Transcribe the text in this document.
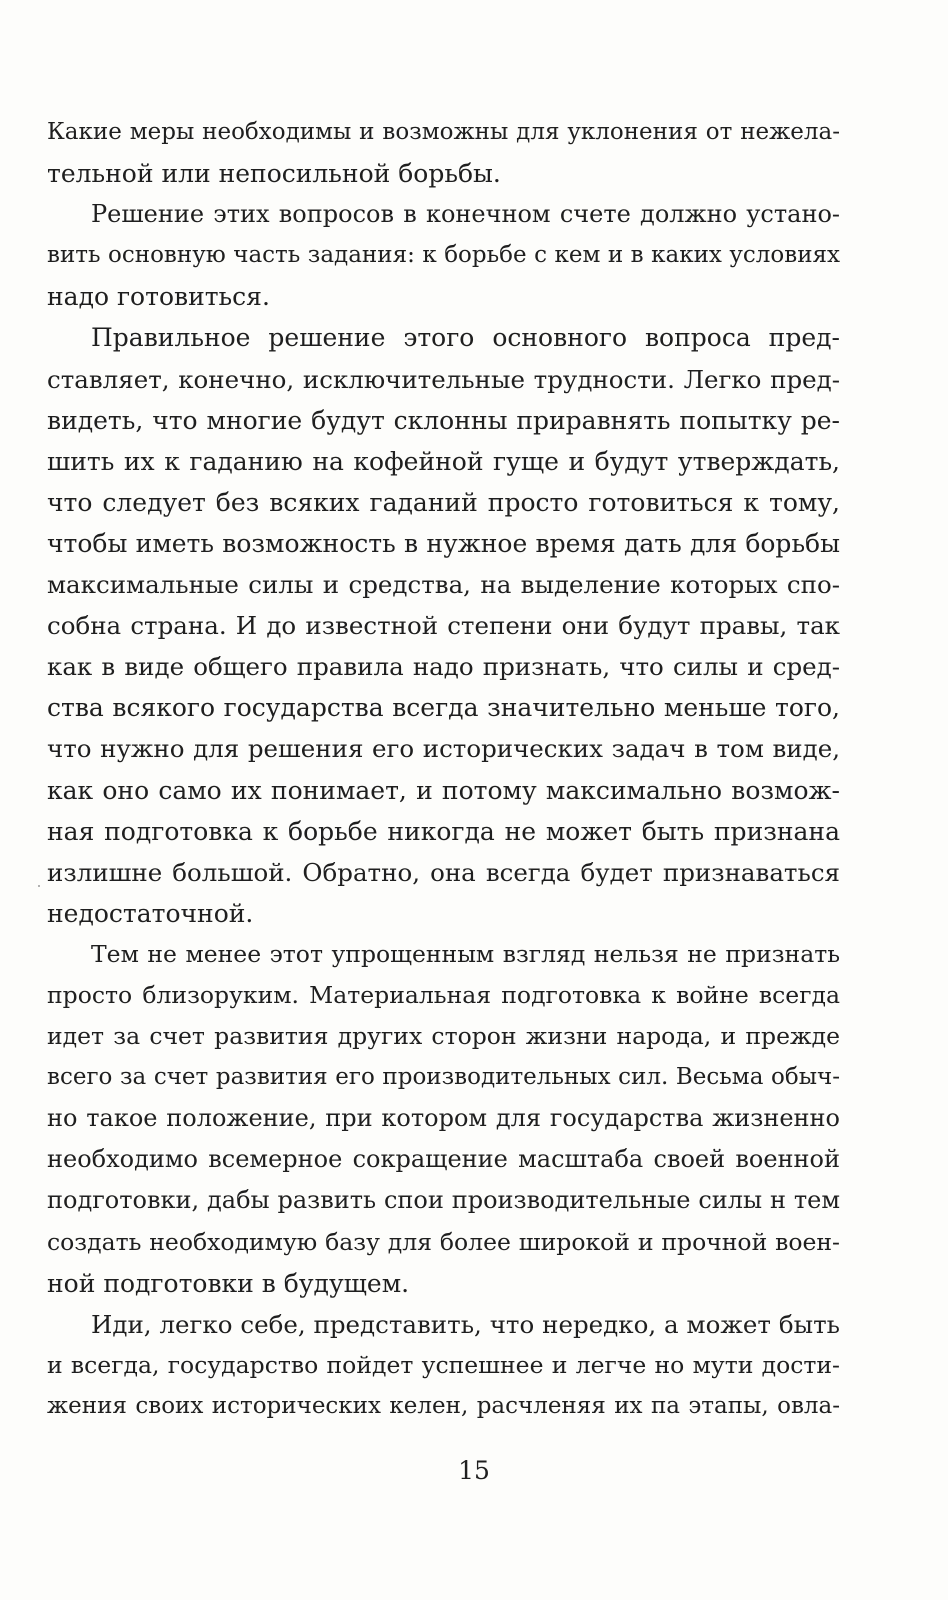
Какие меры необходимы и возможны для уклонения от нежела-
тельной или непосильной борьбы.
Решение этих вопросов в конечном счете должно устано-
вить основную часть задания: к борьбе с кем и в каких условиях
надо готовиться.
Правильное решение этого основного вопроса пред-
ставляет, конечно, исключительные трудности. Легко пред-
видеть, что многие будут склонны приравнять попытку ре-
шить их к гаданию на кофейной гуще и будут утверждать,
что следует без всяких гаданий просто готовиться к тому,
чтобы иметь возможность в нужное время дать для борьбы
максимальные силы и средства, на выделение которых спо-
собна страна. И до известной степени они будут правы, так
как в виде общего правила надо признать, что силы и сред-
ства всякого государства всегда значительно меньше того,
что нужно для решения его исторических задач в том виде,
как оно само их понимает, и потому максимально возмож-
ная подготовка к борьбе никогда не может быть признана
излишне большой. Обратно, она всегда будет признаваться
недостаточной.
Тем не менее этот упрощенным взгляд нельзя не признать
просто близоруким. Материальная подготовка к войне всегда
идет за счет развития других сторон жизни народа, и прежде
всего за счет развития его производительных сил. Весьма обыч-
но такое положение, при котором для государства жизненно
необходимо всемерное сокращение масштаба своей военной
подготовки, дабы развить спои производительные силы н тем
создать необходимую базу для более широкой и прочной воен-
ной подготовки в будущем.
Иди, легко себе, представить, что нередко, а может быть
и всегда, государство пойдет успешнее и легче но мути дости-
жения своих исторических келен, расчленяя их па этапы, овла-
15
